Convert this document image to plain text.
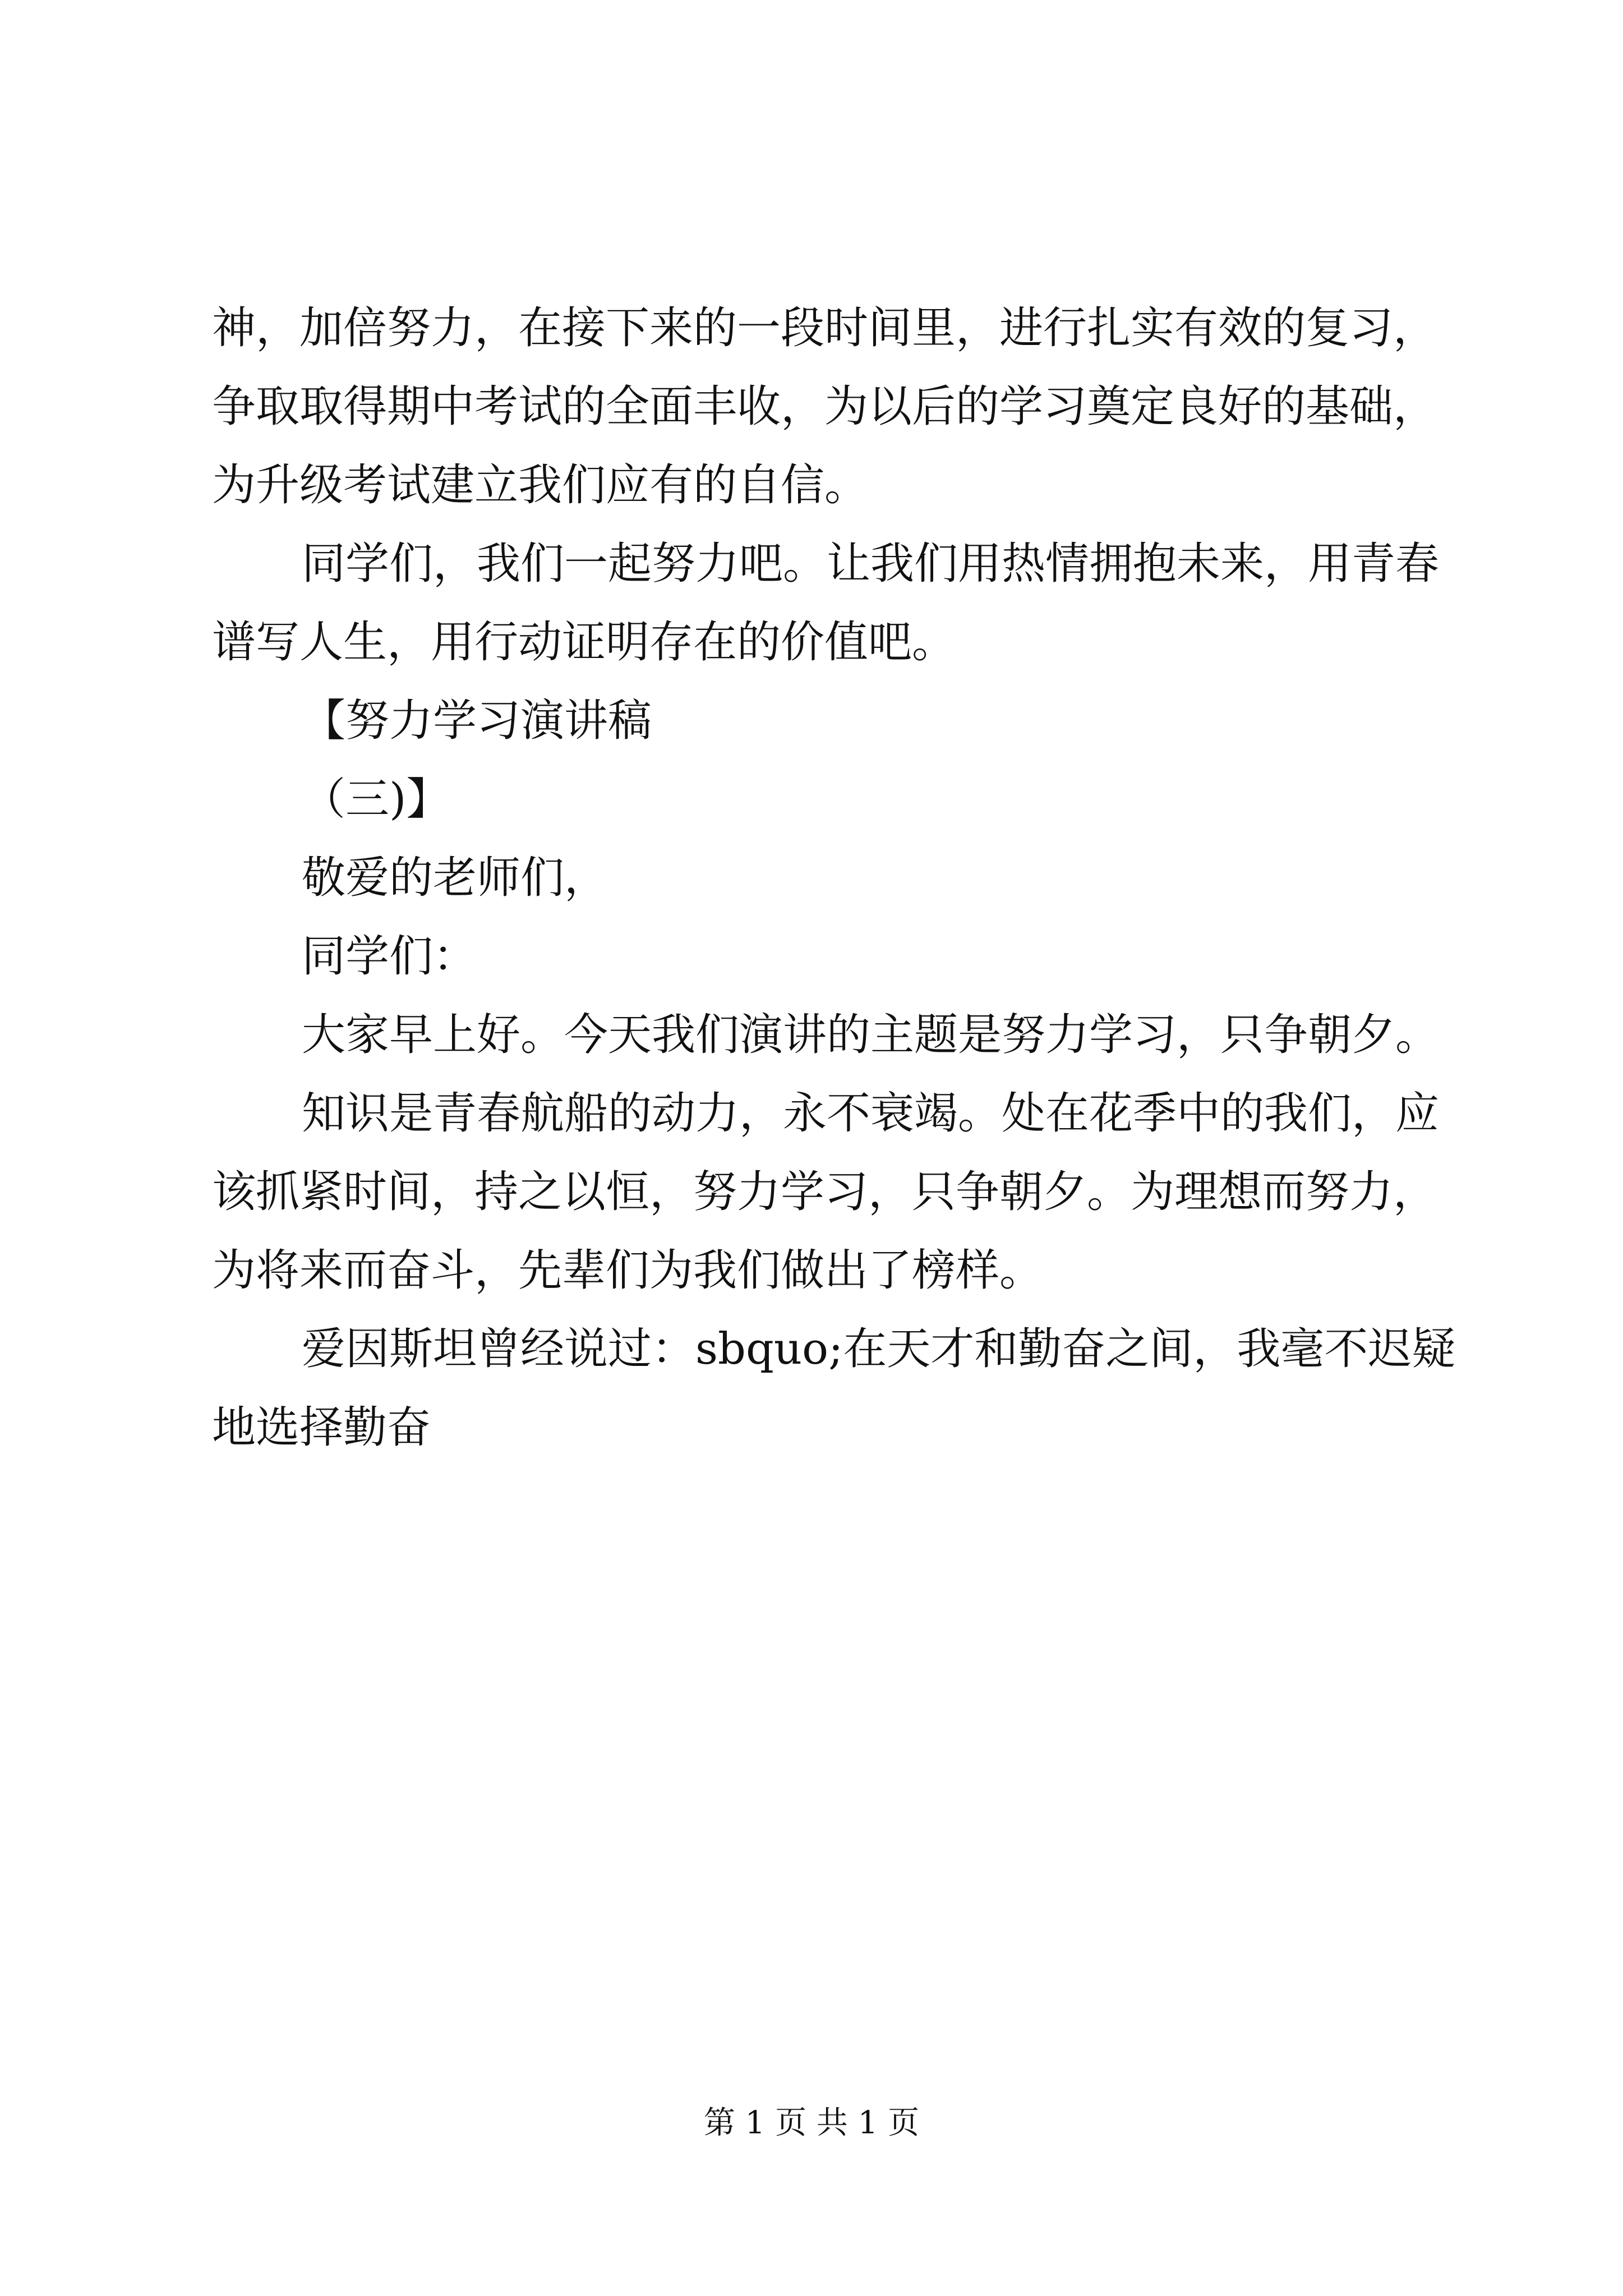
神，加倍努力，在接下来的一段时间里，进行扎实有效的复习，
争取取得期中考试的全面丰收，为以后的学习奠定良好的基础，
为升级考试建立我们应有的自信。
同学们，我们一起努力吧。让我们用热情拥抱未来，用青春
谱写人生，用行动证明存在的价值吧。
【努力学习演讲稿
（三)】
敬爱的老师们，
同学们：
大家早上好。今天我们演讲的主题是努力学习，只争朝夕。
知识是青春航船的动力，永不衰竭。处在花季中的我们，应
该抓紧时间，持之以恒，努力学习，只争朝夕。为理想而努力，
为将来而奋斗，先辈们为我们做出了榜样。
爱因斯坦曾经说过：sbquo;在天才和勤奋之间，我毫不迟疑
地选择勤奋
第 1 页 共 1 页
